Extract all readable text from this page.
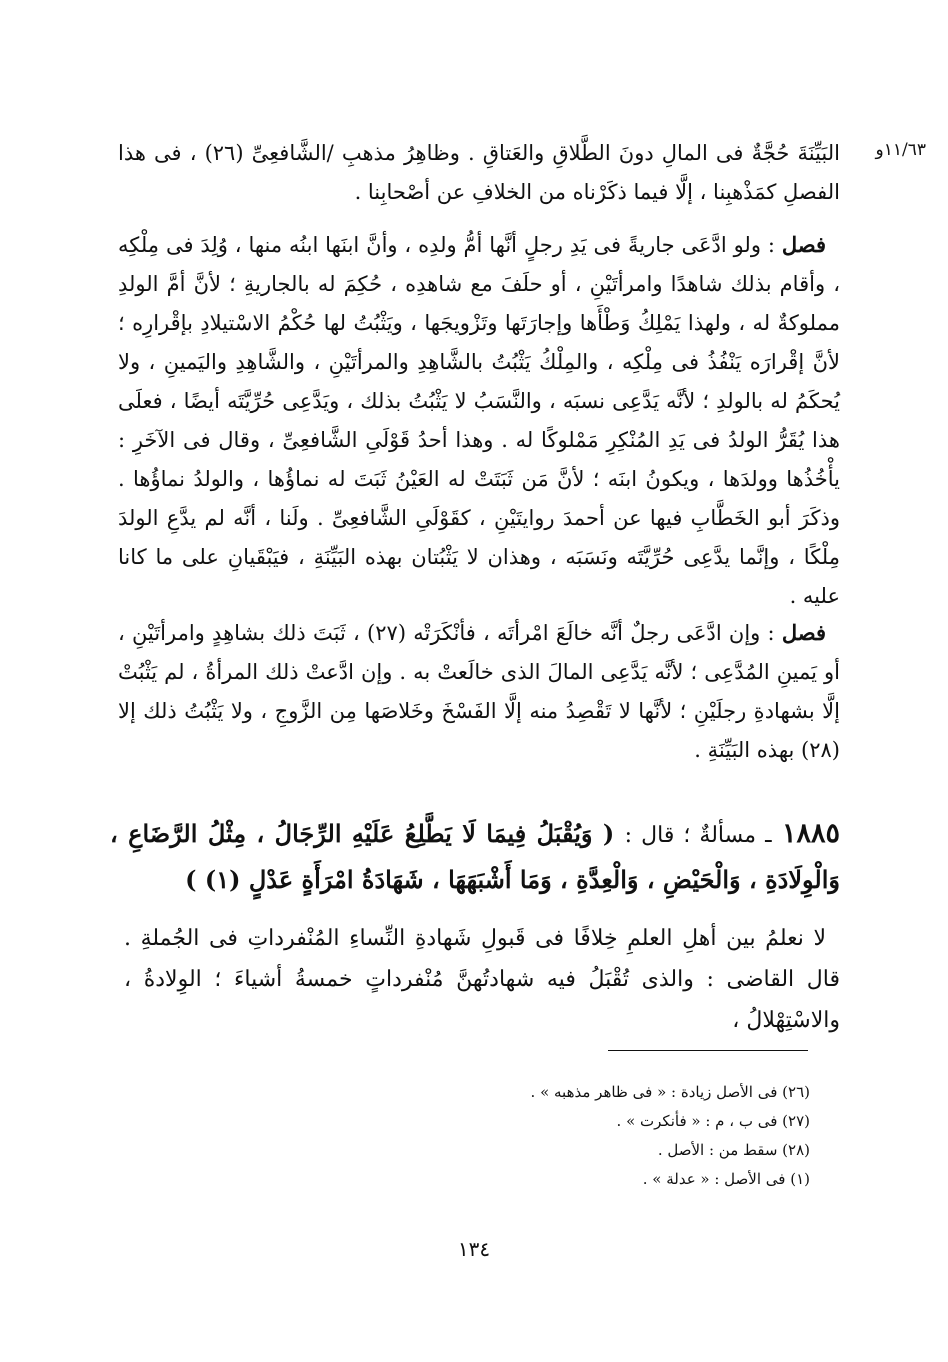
١١/٦٣و
البَيِّنَةَ حُجَّةٌ فى المالِ دونَ الطَّلاقِ والعَتاقِ . وظاهِرُ مذهبِ /الشَّافعِىِّ (٢٦) ، فى هذا الفصلِ كمَذْهبِنا ، إلَّا فيما ذكَرْناه من الخلافِ عن أصْحابِنا .
فصل : ولو ادَّعَى جاريةً فى يَدِ رجلٍ أنَّها أمُّ ولدِه ، وأنَّ ابنَها ابنُه منها ، وُلِدَ فى مِلْكِه ، وأقام بذلك شاهدًا وامرأتَيْنِ ، أو حلَفَ مع شاهدِه ، حُكِمَ له بالجاريةِ ؛ لأنَّ أمَّ الولدِ مملوكةٌ له ، ولهذا يَمْلِكُ وَطْأَها وإجارَتَها وتَزْويجَها ، ويَثْبُتُ لها حُكْمُ الاسْتيلادِ بإقْرارِه ؛ لأنَّ إقْرارَه يَنْفُذُ فى مِلْكِه ، والمِلْكُ يَثْبُتُ بالشَّاهِدِ والمرأتَيْنِ ، والشَّاهِدِ واليَمينِ ، ولا يُحكَمُ له بالولدِ ؛ لأنَّه يَدَّعِى نسبَه ، والنَّسَبُ لا يَثْبُتُ بذلك ، ويَدَّعِى حُرِّيَّتَه أيضًا ، فعلَى هذا يُقَرُّ الولدُ فى يَدِ المُنْكِرِ مَمْلوكًا له . وهذا أحدُ قَوْلَىِ الشَّافعِىِّ ، وقال فى الآخَرِ : يأْخُذُها وولدَها ، ويكونُ ابنَه ؛ لأنَّ مَن ثَبَتَتْ له العَيْنُ ثَبَتَ له نماؤُها ، والولدُ نماؤُها . وذكَرَ أبو الخَطَّابِ فيها عن أحمدَ روايتَيْنِ ، كقَوْلَىِ الشَّافعِىِّ . ولَنا ، أنَّه لم يدَّعِ الولدَ مِلْكًا ، وإنَّما يدَّعِى حُرِّيَّتَه ونَسَبَه ، وهذان لا يَثْبُتان بهذه البَيِّنَةِ ، فيَبْقَيانِ على ما كانا عليه .
فصل : وإن ادَّعَى رجلٌ أنَّه خالَعَ امْرأتَه ، فأنْكَرَتْه (٢٧) ، ثَبَتَ ذلك بشاهِدٍ وامرأتَيْنِ ، أو يَمينِ المُدَّعِى ؛ لأنَّه يَدَّعِى المالَ الذى خالَعتْ به . وإن ادَّعتْ ذلك المرأةُ ، لم يَثْبُتْ إلَّا بشهادةِ رجلَيْنِ ؛ لأنَّها لا تَقْصِدُ منه إلَّا الفَسْخَ وخَلاصَها مِن الزَّوجِ ، ولا يَثْبُتُ ذلك إلا (٢٨) بهذه البَيِّنَةِ .
١٨٨٥ ـ مسألةٌ ؛ قال : ( وَيُقْبَلُ فِيمَا لَا يَطَّلِعُ عَلَيْهِ الرِّجَالُ ، مِثْلُ الرَّضَاعِ ، وَالْوِلَادَةِ ، وَالْحَيْضِ ، وَالْعِدَّةِ ، وَمَا أَشْبَهَهَا ، شَهَادَةُ امْرَأَةٍ عَدْلٍ (١) )
لا نعلمُ بين أهلِ العلمِ خِلافًا فى قَبولِ شَهادةِ النِّساءِ المُنْفرداتِ فى الجُملةِ . قال القاضى : والذى تُقْبَلُ فيه شهادتُهنَّ مُنْفرداتٍ خمسةُ أشياءَ ؛ الوِلادةُ ، والاسْتِهْلالُ ،
(٢٦) فى الأصل زيادة : « فى ظاهر مذهبه » .
(٢٧) فى ب ، م : « فأنكرت » .
(٢٨) سقط من : الأصل .
(١) فى الأصل : « عدلة » .
١٣٤
